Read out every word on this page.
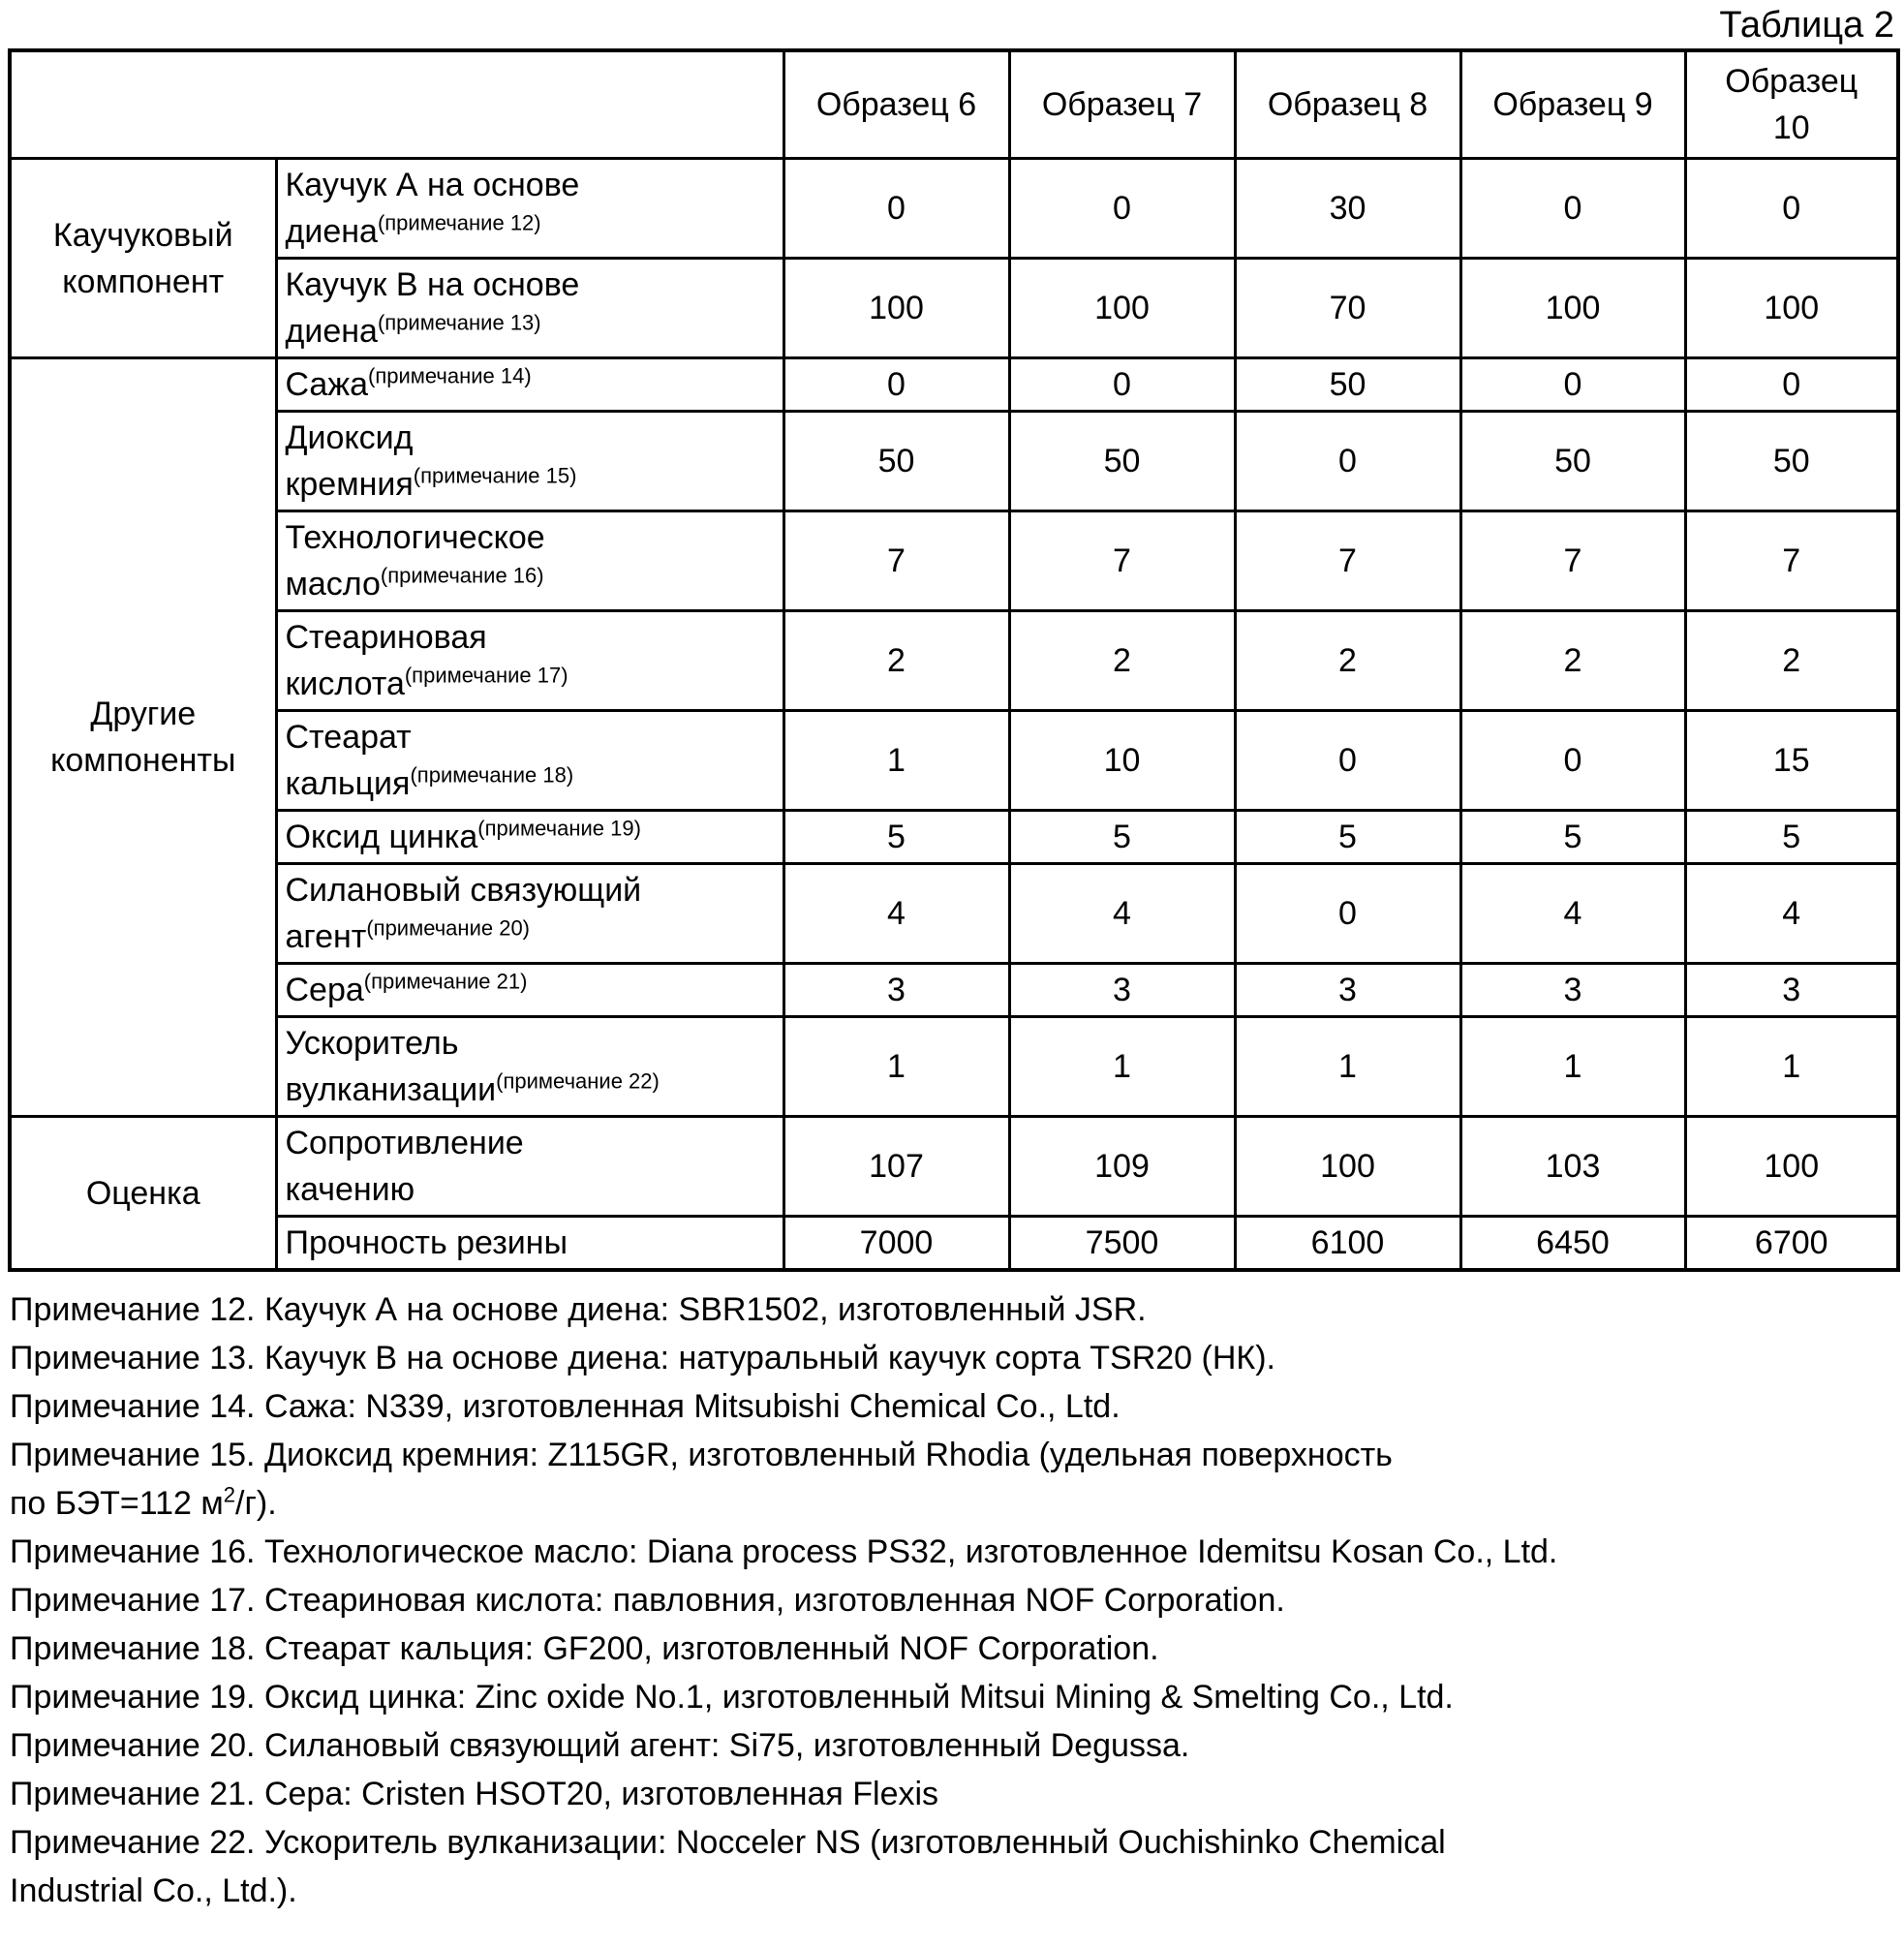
Таблица 2
		Образец 6	Образец 7	Образец 8	Образец 9	Образец
10
Каучуковый
компонент	Каучук А на основе
диена$^{(примечание 12)}$	0	0	30	0	0
	Каучук В на основе
диена$^{(примечание 13)}$	100	100	70	100	100
Другие
компоненты	Сажа$^{(примечание 14)}$	0	0	50	0	0
	Диоксид
кремния$^{(примечание 15)}$	50	50	0	50	50
	Технологическое
масло$^{(примечание 16)}$	7	7	7	7	7
	Стеариновая
кислота$^{(примечание 17)}$	2	2	2	2	2
	Стеарат
кальция$^{(примечание 18)}$	1	10	0	0	15
	Оксид цинка$^{(примечание 19)}$	5	5	5	5	5
	Силановый связующий
агент$^{(примечание 20)}$	4	4	0	4	4
	Сера$^{(примечание 21)}$	3	3	3	3	3
	Ускоритель
вулканизации$^{(примечание 22)}$	1	1	1	1	1
Оценка	Сопротивление
качению	107	109	100	103	100
	Прочность резины	7000	7500	6100	6450	6700
Примечание 12. Каучук А на основе диена: SBR1502, изготовленный JSR.
Примечание 13. Каучук В на основе диена: натуральный каучук сорта TSR20 (НК).
Примечание 14. Сажа: N339, изготовленная Mitsubishi Chemical Co., Ltd.
Примечание 15. Диоксид кремния: Z115GR, изготовленный Rhodia (удельная поверхность
по БЭТ=112 $м^2/г$).
Примечание 16. Технологическое масло: Diana process PS32, изготовленное Idemitsu Kosan Co., Ltd.
Примечание 17. Стеариновая кислота: павловния, изготовленная NOF Corporation.
Примечание 18. Стеарат кальция: GF200, изготовленный NOF Corporation.
Примечание 19. Оксид цинка: Zinc oxide No.1, изготовленный Mitsui Mining & Smelting Co., Ltd.
Примечание 20. Силановый связующий агент: Si75, изготовленный Degussa.
Примечание 21. Сера: Cristen HSOT20, изготовленная Flexis
Примечание 22. Ускоритель вулканизации: Nocceler NS (изготовленный Ouchishinko Chemical
Industrial Co., Ltd.).
